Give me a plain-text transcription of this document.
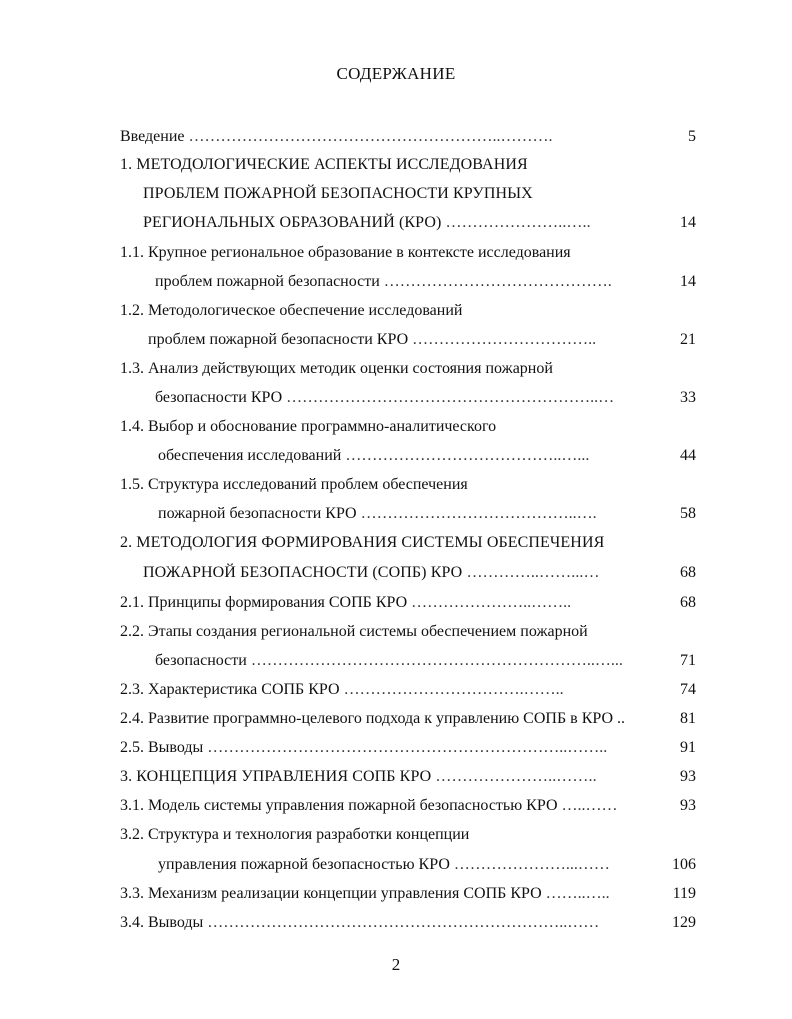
СОДЕРЖАНИЕ
Введение …………………………………………………..……….	5
1. МЕТОДОЛОГИЧЕСКИЕ АСПЕКТЫ ИССЛЕДОВАНИЯ
ПРОБЛЕМ ПОЖАРНОЙ БЕЗОПАСНОСТИ КРУПНЫХ
РЕГИОНАЛЬНЫХ ОБРАЗОВАНИЙ (КРО) …………………..…..	14
1.1. Крупное региональное образование в контексте исследования
проблем пожарной безопасности …………………………………….	14
1.2. Методологическое обеспечение исследований
проблем пожарной безопасности КРО ……………………………..	21
1.3. Анализ действующих методик оценки состояния пожарной
безопасности КРО …………………………………………………..…	33
1.4. Выбор и обоснование программно-аналитического
обеспечения исследований …………………………………..…...	44
1.5. Структура исследований проблем обеспечения
пожарной безопасности КРО …………………………………..….	58
2. МЕТОДОЛОГИЯ ФОРМИРОВАНИЯ СИСТЕМЫ ОБЕСПЕЧЕНИЯ
ПОЖАРНОЙ БЕЗОПАСНОСТИ (СОПБ) КРО …………..……...…	68
2.1. Принципы формирования СОПБ КРО …………………..……..	68
2.2. Этапы создания региональной системы обеспечением пожарной
безопасности ………………………………………………………..…...	71
2.3. Характеристика СОПБ КРО …………………………….……..	74
2.4. Развитие программно-целевого подхода к управлению СОПБ в КРО ..	81
2.5. Выводы …………………………………………………………..……..	91
3. КОНЦЕПЦИЯ УПРАВЛЕНИЯ СОПБ КРО …………………..……..	93
3.1. Модель системы управления пожарной безопасностью КРО …..……	93
3.2. Структура и технология разработки концепции
управления пожарной безопасностью КРО …………………...……	106
3.3. Механизм реализации концепции управления СОПБ КРО ……..…..	119
3.4. Выводы …………………………………………………………..……	129
2
